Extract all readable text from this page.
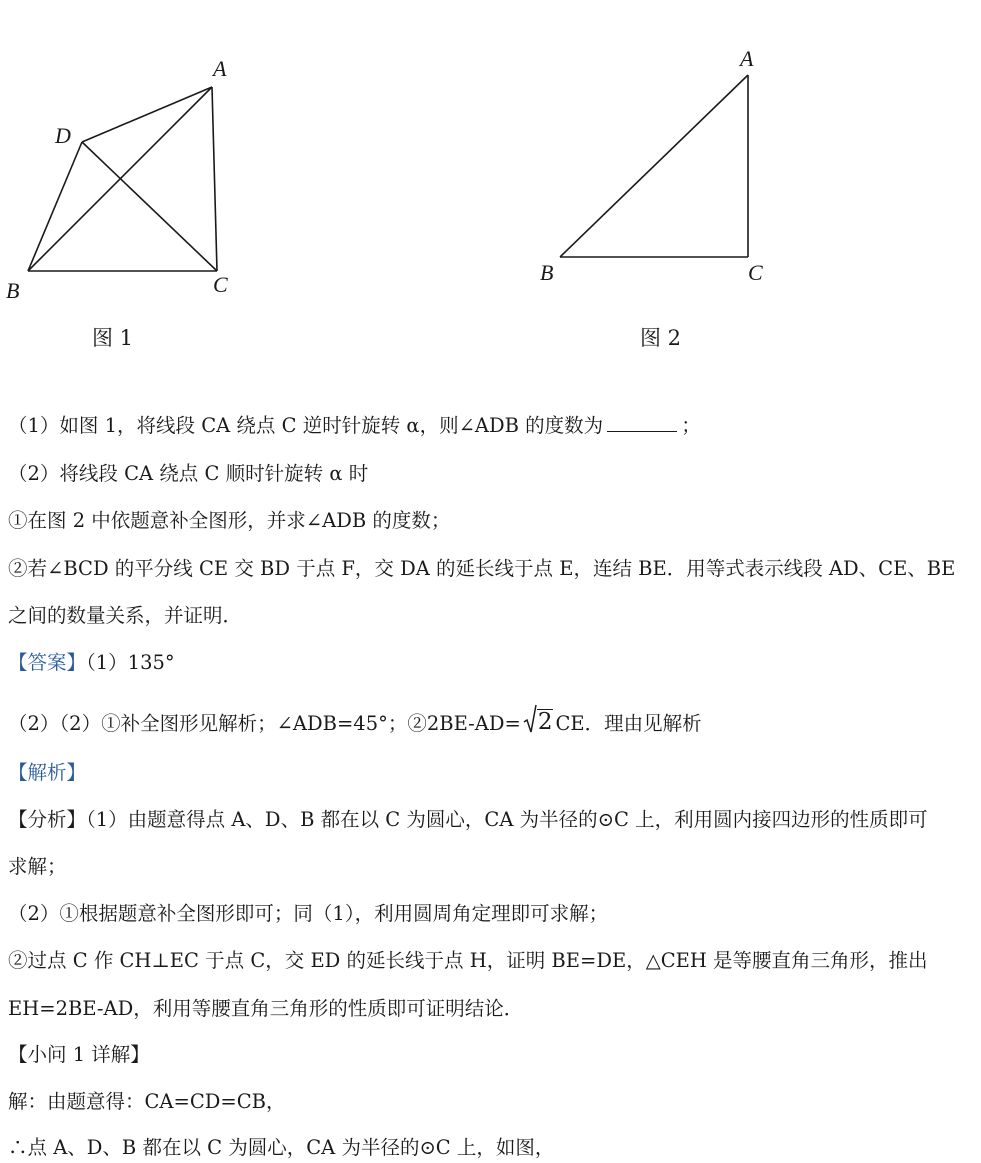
A
D
B	C
图 1
A
B	C
图 2
（1）如图 1，将线段 CA 绕点 C 逆时针旋转 α，则∠ADB 的度数为	；
（2）将线段 CA 绕点 C 顺时针旋转 α 时
①在图 2 中依题意补全图形，并求∠ADB 的度数；
②若∠BCD 的平分线 CE 交 BD 于点 F，交 DA 的延长线于点 E，连结 BE．用等式表示线段 AD、CE、BE
之间的数量关系，并证明．
【答案】（1）135°
（2）（2）①补全图形见解析；∠ADB=45°；②2BE-AD= 2 CE．理由见解析
【解析】
【分析】（1）由题意得点 A、D、B 都在以 C 为圆心，CA 为半径的⊙C 上，利用圆内接四边形的性质即可
求解；
（2）①根据题意补全图形即可；同（1），利用圆周角定理即可求解；
②过点 C 作 CH⊥EC 于点 C，交 ED 的延长线于点 H，证明 BE=DE，△CEH 是等腰直角三角形，推出
EH=2BE-AD，利用等腰直角三角形的性质即可证明结论．
【小问 1 详解】
解：由题意得：CA=CD=CB，
∴点 A、D、B 都在以 C 为圆心，CA 为半径的⊙C 上，如图，
